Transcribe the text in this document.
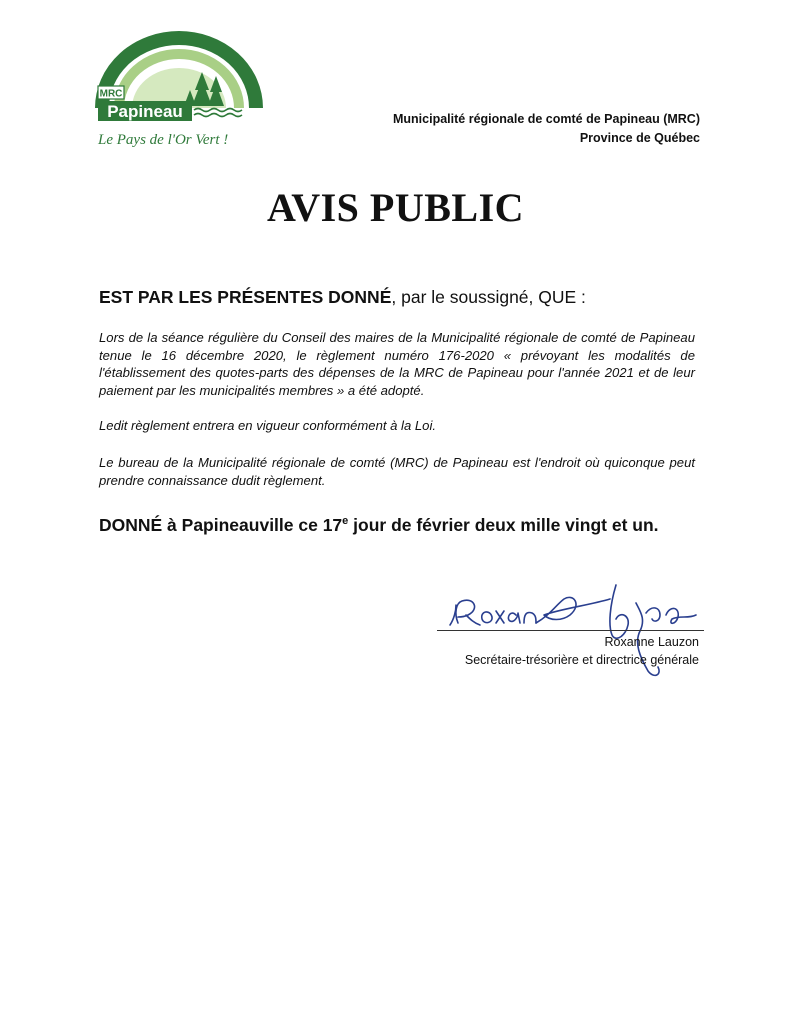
MRC
Papineau
Le Pays de l'Or Vert !
Municipalité régionale de comté de Papineau (MRC)
Province de Québec
AVIS PUBLIC
EST PAR LES PRÉSENTES DONNÉ, par le soussigné, QUE :
Lors de la séance régulière du Conseil des maires de la Municipalité régionale de comté de Papineau tenue le 16 décembre 2020, le règlement numéro 176-2020 « prévoyant les modalités de l'établissement des quotes-parts des dépenses de la MRC de Papineau pour l'année 2021 et de leur paiement par les municipalités membres » a été adopté.
Ledit règlement entrera en vigueur conformément à la Loi.
Le bureau de la Municipalité régionale de comté (MRC) de Papineau est l'endroit où quiconque peut prendre connaissance dudit règlement.
DONNÉ à Papineauville ce 17e jour de février deux mille vingt et un.
Roxanne Lauzon
Secrétaire-trésorière et directrice générale
